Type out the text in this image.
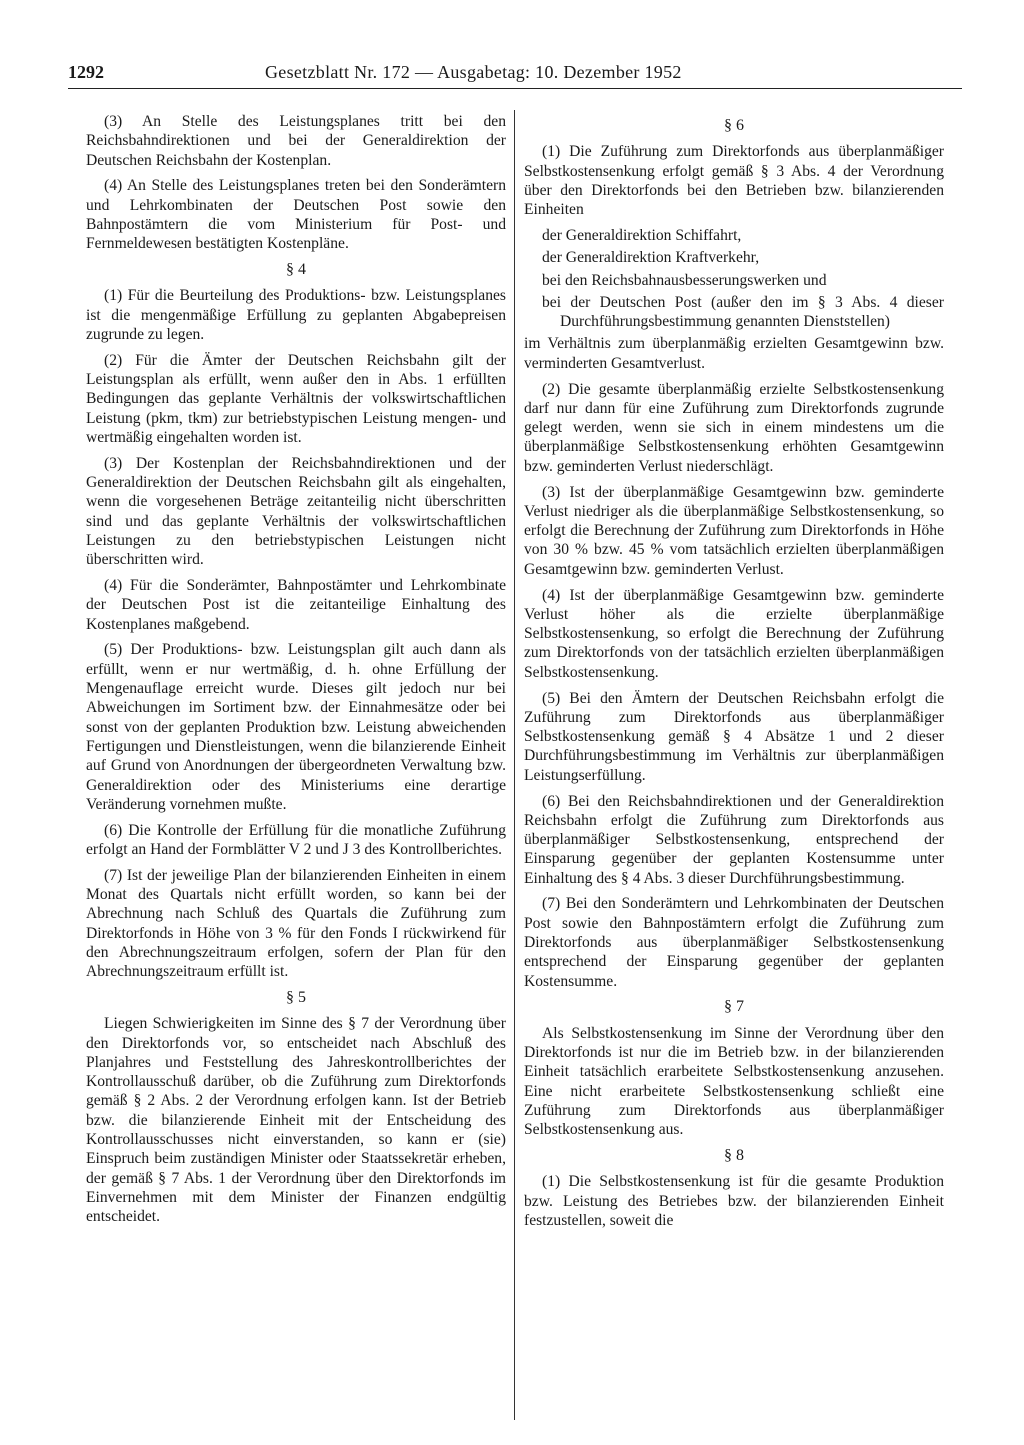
1292	Gesetzblatt Nr. 172 — Ausgabetag: 10. Dezember 1952

(3) An Stelle des Leistungsplanes tritt bei den Reichsbahndirektionen und bei der Generaldirektion der Deutschen Reichsbahn der Kostenplan.

(4) An Stelle des Leistungsplanes treten bei den Sonderämtern und Lehrkombinaten der Deutschen Post sowie den Bahnpostämtern die vom Ministerium für Post- und Fernmeldewesen bestätigten Kostenpläne.

§ 4

(1) Für die Beurteilung des Produktions- bzw. Leistungsplanes ist die mengenmäßige Erfüllung zu geplanten Abgabepreisen zugrunde zu legen.

(2) Für die Ämter der Deutschen Reichsbahn gilt der Leistungsplan als erfüllt, wenn außer den in Abs. 1 erfüllten Bedingungen das geplante Verhältnis der volkswirtschaftlichen Leistung (pkm, tkm) zur betriebstypischen Leistung mengen- und wertmäßig eingehalten worden ist.

(3) Der Kostenplan der Reichsbahndirektionen und der Generaldirektion der Deutschen Reichsbahn gilt als eingehalten, wenn die vorgesehenen Beträge zeitanteilig nicht überschritten sind und das geplante Verhältnis der volkswirtschaftlichen Leistungen zu den betriebstypischen Leistungen nicht überschritten wird.

(4) Für die Sonderämter, Bahnpostämter und Lehrkombinate der Deutschen Post ist die zeitanteilige Einhaltung des Kostenplanes maßgebend.

(5) Der Produktions- bzw. Leistungsplan gilt auch dann als erfüllt, wenn er nur wertmäßig, d. h. ohne Erfüllung der Mengenauflage erreicht wurde. Dieses gilt jedoch nur bei Abweichungen im Sortiment bzw. der Einnahmesätze oder bei sonst von der geplanten Produktion bzw. Leistung abweichenden Fertigungen und Dienstleistungen, wenn die bilanzierende Einheit auf Grund von Anordnungen der übergeordneten Verwaltung bzw. Generaldirektion oder des Ministeriums eine derartige Veränderung vornehmen mußte.

(6) Die Kontrolle der Erfüllung für die monatliche Zuführung erfolgt an Hand der Formblätter V 2 und J 3 des Kontrollberichtes.

(7) Ist der jeweilige Plan der bilanzierenden Einheiten in einem Monat des Quartals nicht erfüllt worden, so kann bei der Abrechnung nach Schluß des Quartals die Zuführung zum Direktorfonds in Höhe von 3 % für den Fonds I rückwirkend für den Abrechnungszeitraum erfolgen, sofern der Plan für den Abrechnungszeitraum erfüllt ist.

§ 5

Liegen Schwierigkeiten im Sinne des § 7 der Verordnung über den Direktorfonds vor, so entscheidet nach Abschluß des Planjahres und Feststellung des Jahreskontrollberichtes der Kontrollausschuß darüber, ob die Zuführung zum Direktorfonds gemäß § 2 Abs. 2 der Verordnung erfolgen kann. Ist der Betrieb bzw. die bilanzierende Einheit mit der Entscheidung des Kontrollausschusses nicht einverstanden, so kann er (sie) Einspruch beim zuständigen Minister oder Staatssekretär erheben, der gemäß § 7 Abs. 1 der Verordnung über den Direktorfonds im Einvernehmen mit dem Minister der Finanzen endgültig entscheidet.

§ 6

(1) Die Zuführung zum Direktorfonds aus überplanmäßiger Selbstkostensenkung erfolgt gemäß § 3 Abs. 4 der Verordnung über den Direktorfonds bei den Betrieben bzw. bilanzierenden Einheiten

der Generaldirektion Schiffahrt,
der Generaldirektion Kraftverkehr,
bei den Reichsbahnausbesserungswerken und
bei der Deutschen Post (außer den im § 3 Abs. 4 dieser Durchführungsbestimmung genannten Dienststellen)

im Verhältnis zum überplanmäßig erzielten Gesamtgewinn bzw. verminderten Gesamtverlust.

(2) Die gesamte überplanmäßig erzielte Selbstkostensenkung darf nur dann für eine Zuführung zum Direktorfonds zugrunde gelegt werden, wenn sie sich in einem mindestens um die überplanmäßige Selbstkostensenkung erhöhten Gesamtgewinn bzw. geminderten Verlust niederschlägt.

(3) Ist der überplanmäßige Gesamtgewinn bzw. geminderte Verlust niedriger als die überplanmäßige Selbstkostensenkung, so erfolgt die Berechnung der Zuführung zum Direktorfonds in Höhe von 30 % bzw. 45 % vom tatsächlich erzielten überplanmäßigen Gesamtgewinn bzw. geminderten Verlust.

(4) Ist der überplanmäßige Gesamtgewinn bzw. geminderte Verlust höher als die erzielte überplanmäßige Selbstkostensenkung, so erfolgt die Berechnung der Zuführung zum Direktorfonds von der tatsächlich erzielten überplanmäßigen Selbstkostensenkung.

(5) Bei den Ämtern der Deutschen Reichsbahn erfolgt die Zuführung zum Direktorfonds aus überplanmäßiger Selbstkostensenkung gemäß § 4 Absätze 1 und 2 dieser Durchführungsbestimmung im Verhältnis zur überplanmäßigen Leistungserfüllung.

(6) Bei den Reichsbahndirektionen und der Generaldirektion Reichsbahn erfolgt die Zuführung zum Direktorfonds aus überplanmäßiger Selbstkostensenkung, entsprechend der Einsparung gegenüber der geplanten Kostensumme unter Einhaltung des § 4 Abs. 3 dieser Durchführungsbestimmung.

(7) Bei den Sonderämtern und Lehrkombinaten der Deutschen Post sowie den Bahnpostämtern erfolgt die Zuführung zum Direktorfonds aus überplanmäßiger Selbstkostensenkung entsprechend der Einsparung gegenüber der geplanten Kostensumme.

§ 7

Als Selbstkostensenkung im Sinne der Verordnung über den Direktorfonds ist nur die im Betrieb bzw. in der bilanzierenden Einheit tatsächlich erarbeitete Selbstkostensenkung anzusehen. Eine nicht erarbeitete Selbstkostensenkung schließt eine Zuführung zum Direktorfonds aus überplanmäßiger Selbstkostensenkung aus.

§ 8

(1) Die Selbstkostensenkung ist für die gesamte Produktion bzw. Leistung des Betriebes bzw. der bilanzierenden Einheit festzustellen, soweit die
